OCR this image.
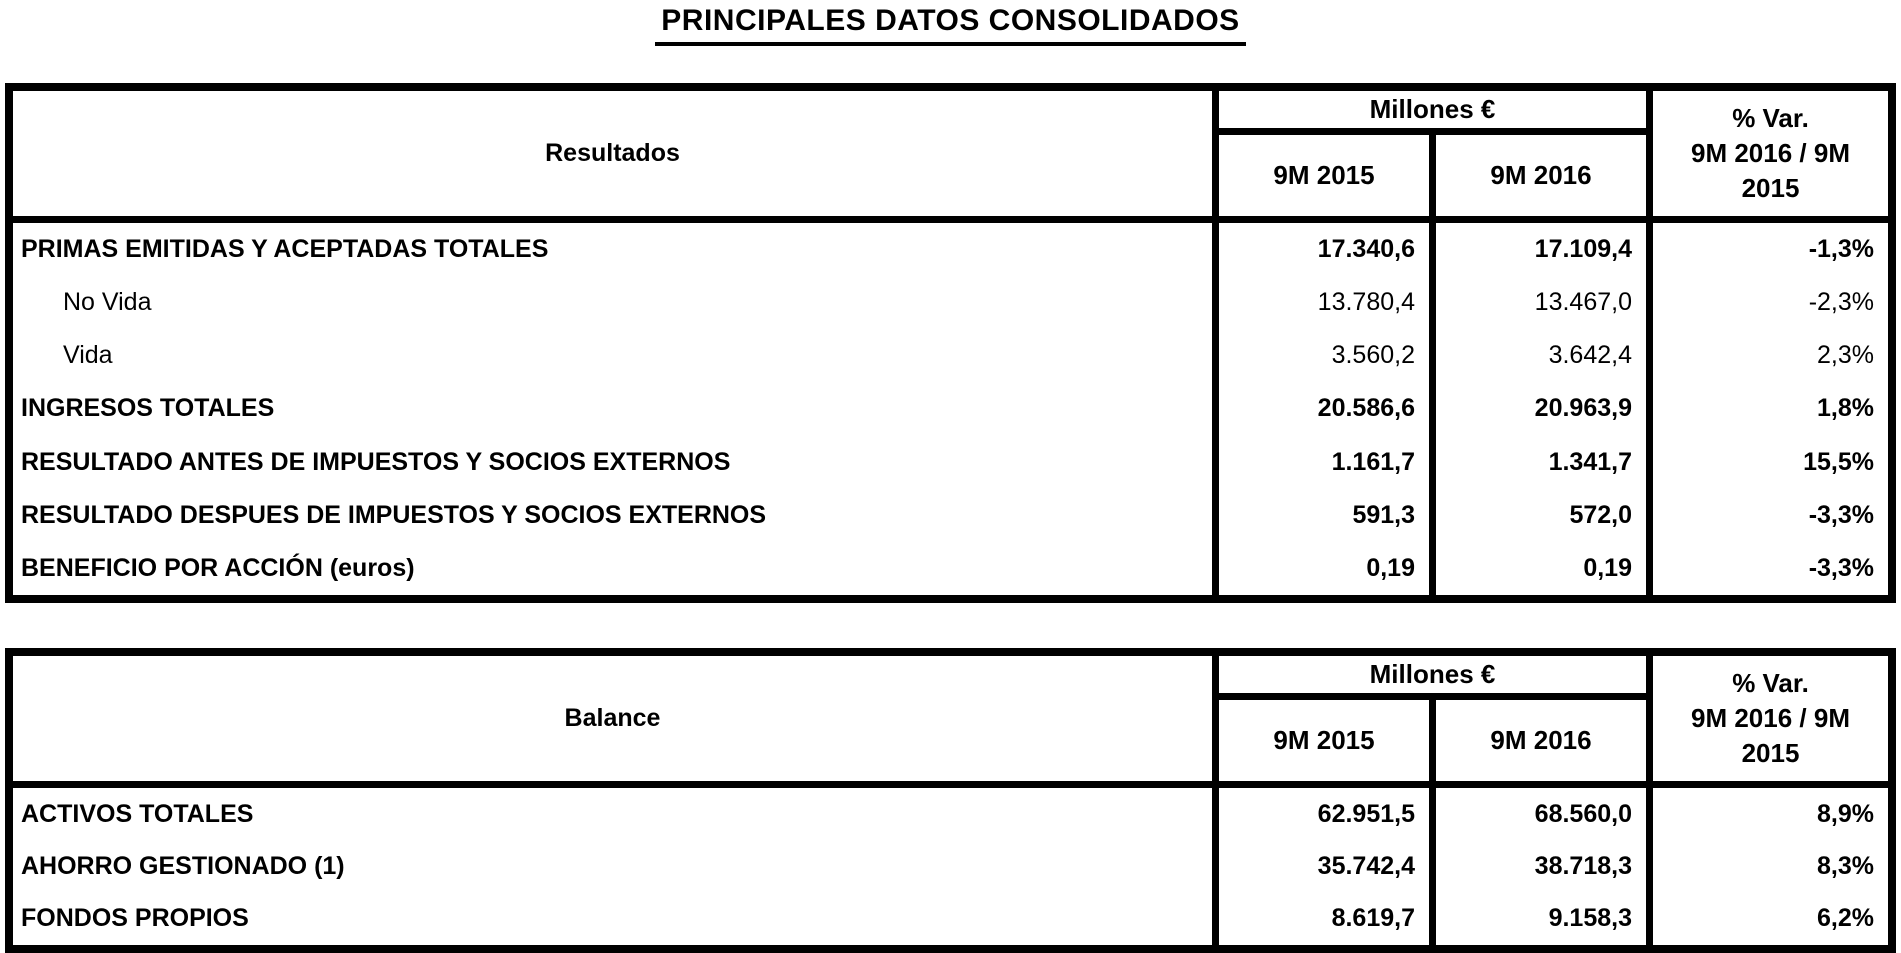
PRINCIPALES DATOS CONSOLIDADOS
Resultados
Millones €	% Var.
9M 2016 / 9M 2015
9M 2015	9M 2016
PRIMAS EMITIDAS Y ACEPTADAS TOTALES	17.340,6	17.109,4	-1,3%
No Vida	13.780,4	13.467,0	-2,3%
Vida	3.560,2	3.642,4	2,3%
INGRESOS TOTALES	20.586,6	20.963,9	1,8%
RESULTADO ANTES DE IMPUESTOS Y SOCIOS EXTERNOS	1.161,7	1.341,7	15,5%
RESULTADO DESPUES DE IMPUESTOS Y SOCIOS EXTERNOS	591,3	572,0	-3,3%
BENEFICIO POR ACCIÓN (euros)	0,19	0,19	-3,3%
Balance
Millones €	% Var.
9M 2016 / 9M 2015
9M 2015	9M 2016
ACTIVOS TOTALES	62.951,5	68.560,0	8,9%
AHORRO GESTIONADO (1)	35.742,4	38.718,3	8,3%
FONDOS PROPIOS	8.619,7	9.158,3	6,2%
